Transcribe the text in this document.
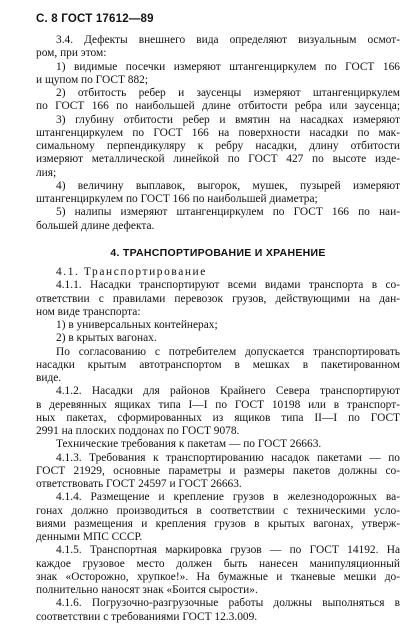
С. 8 ГОСТ 17612—89
3.4. Дефекты внешнего вида определяют визуальным осмот-
ром, при этом:
1) видимые посечки измеряют штангенциркулем по ГОСТ 166
и щупом по ГОСТ 882;
2) отбитость ребер и заусенцы измеряют штангенциркулем
по ГОСТ 166 по наибольшей длине отбитости ребра или заусенца;
3) глубину отбитости ребер и вмятин на насадках измеряют
штангенциркулем по ГОСТ 166 на поверхности насадки по мак-
симальному перпендикуляру к ребру насадки, длину отбитости
измеряют металлической линейкой по ГОСТ 427 по высоте изде-
лия;
4) величину выплавок, выгорок, мушек, пузырей измеряют
штангенциркулем по ГОСТ 166 по наибольшей диаметра;
5) налипы измеряют штангенциркулем по ГОСТ 166 по наи-
большей длине дефекта.
4. ТРАНСПОРТИРОВАНИЕ И ХРАНЕНИЕ
4.1. Транспортирование
4.1.1. Насадки транспортируют всеми видами транспорта в со-
ответствии с правилами перевозок грузов, действующими на дан-
ном виде транспорта:
1) в универсальных контейнерах;
2) в крытых вагонах.
По согласованию с потребителем допускается транспортировать
насадки крытым автотранспортом в мешках в пакетированном
виде.
4.1.2. Насадки для районов Крайнего Севера транспортируют
в деревянных ящиках типа I—I по ГОСТ 10198 или в транспорт-
ных пакетах, сформированных из ящиков типа II—I по ГОСТ
2991 на плоских поддонах по ГОСТ 9078.
Технические требования к пакетам — по ГОСТ 26663.
4.1.3. Требования к транспортированию насадок пакетами — по
ГОСТ 21929, основные параметры и размеры пакетов должны со-
ответствовать ГОСТ 24597 и ГОСТ 26663.
4.1.4. Размещение и крепление грузов в железнодорожных ва-
гонах должно производиться в соответствии с техническими усло-
виями размещения и крепления грузов в крытых вагонах, утверж-
денными МПС СССР.
4.1.5. Транспортная маркировка грузов — по ГОСТ 14192. На
каждое грузовое место должен быть нанесен манипуляционный
знак «Осторожно, хрупкое!». На бумажные и тканевые мешки до-
полнительно наносят знак «Боится сырости».
4.1.6. Погрузочно-разгрузочные работы должны выполняться в
соответствии с требованиями ГОСТ 12.3.009.
